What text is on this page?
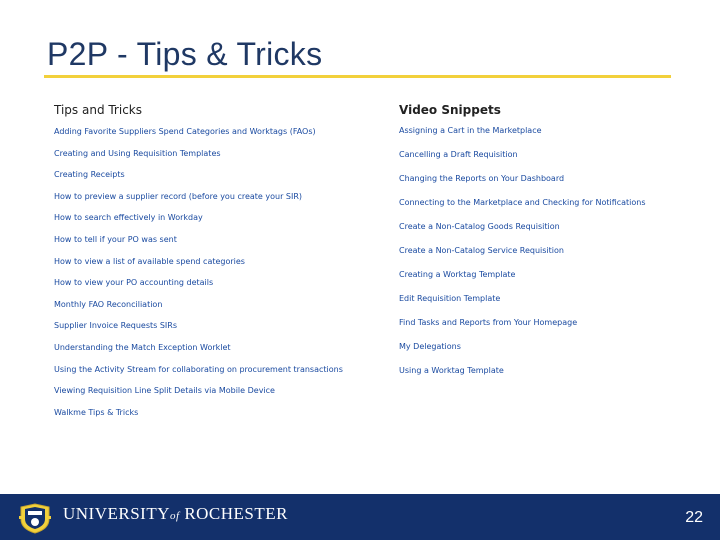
P2P - Tips & Tricks
Tips and Tricks
Adding Favorite Suppliers Spend Categories and Worktags (FAOs)
Creating and Using Requisition Templates
Creating Receipts
How to preview a supplier record (before you create your SIR)
How to search effectively in Workday
How to tell if your PO was sent
How to view a list of available spend categories
How to view your PO accounting details
Monthly FAO Reconciliation
Supplier Invoice Requests SIRs
Understanding the Match Exception Worklet
Using the Activity Stream for collaborating on procurement transactions
Viewing Requisition Line Split Details via Mobile Device
Walkme Tips & Tricks
Video Snippets
Assigning a Cart in the Marketplace
Cancelling a Draft Requisition
Changing the Reports on Your Dashboard
Connecting to the Marketplace and Checking for Notifications
Create a Non-Catalog Goods Requisition
Create a Non-Catalog Service Requisition
Creating a Worktag Template
Edit Requisition Template
Find Tasks and Reports from Your Homepage
My Delegations
Using a Worktag Template
UNIVERSITYof ROCHESTER	22
